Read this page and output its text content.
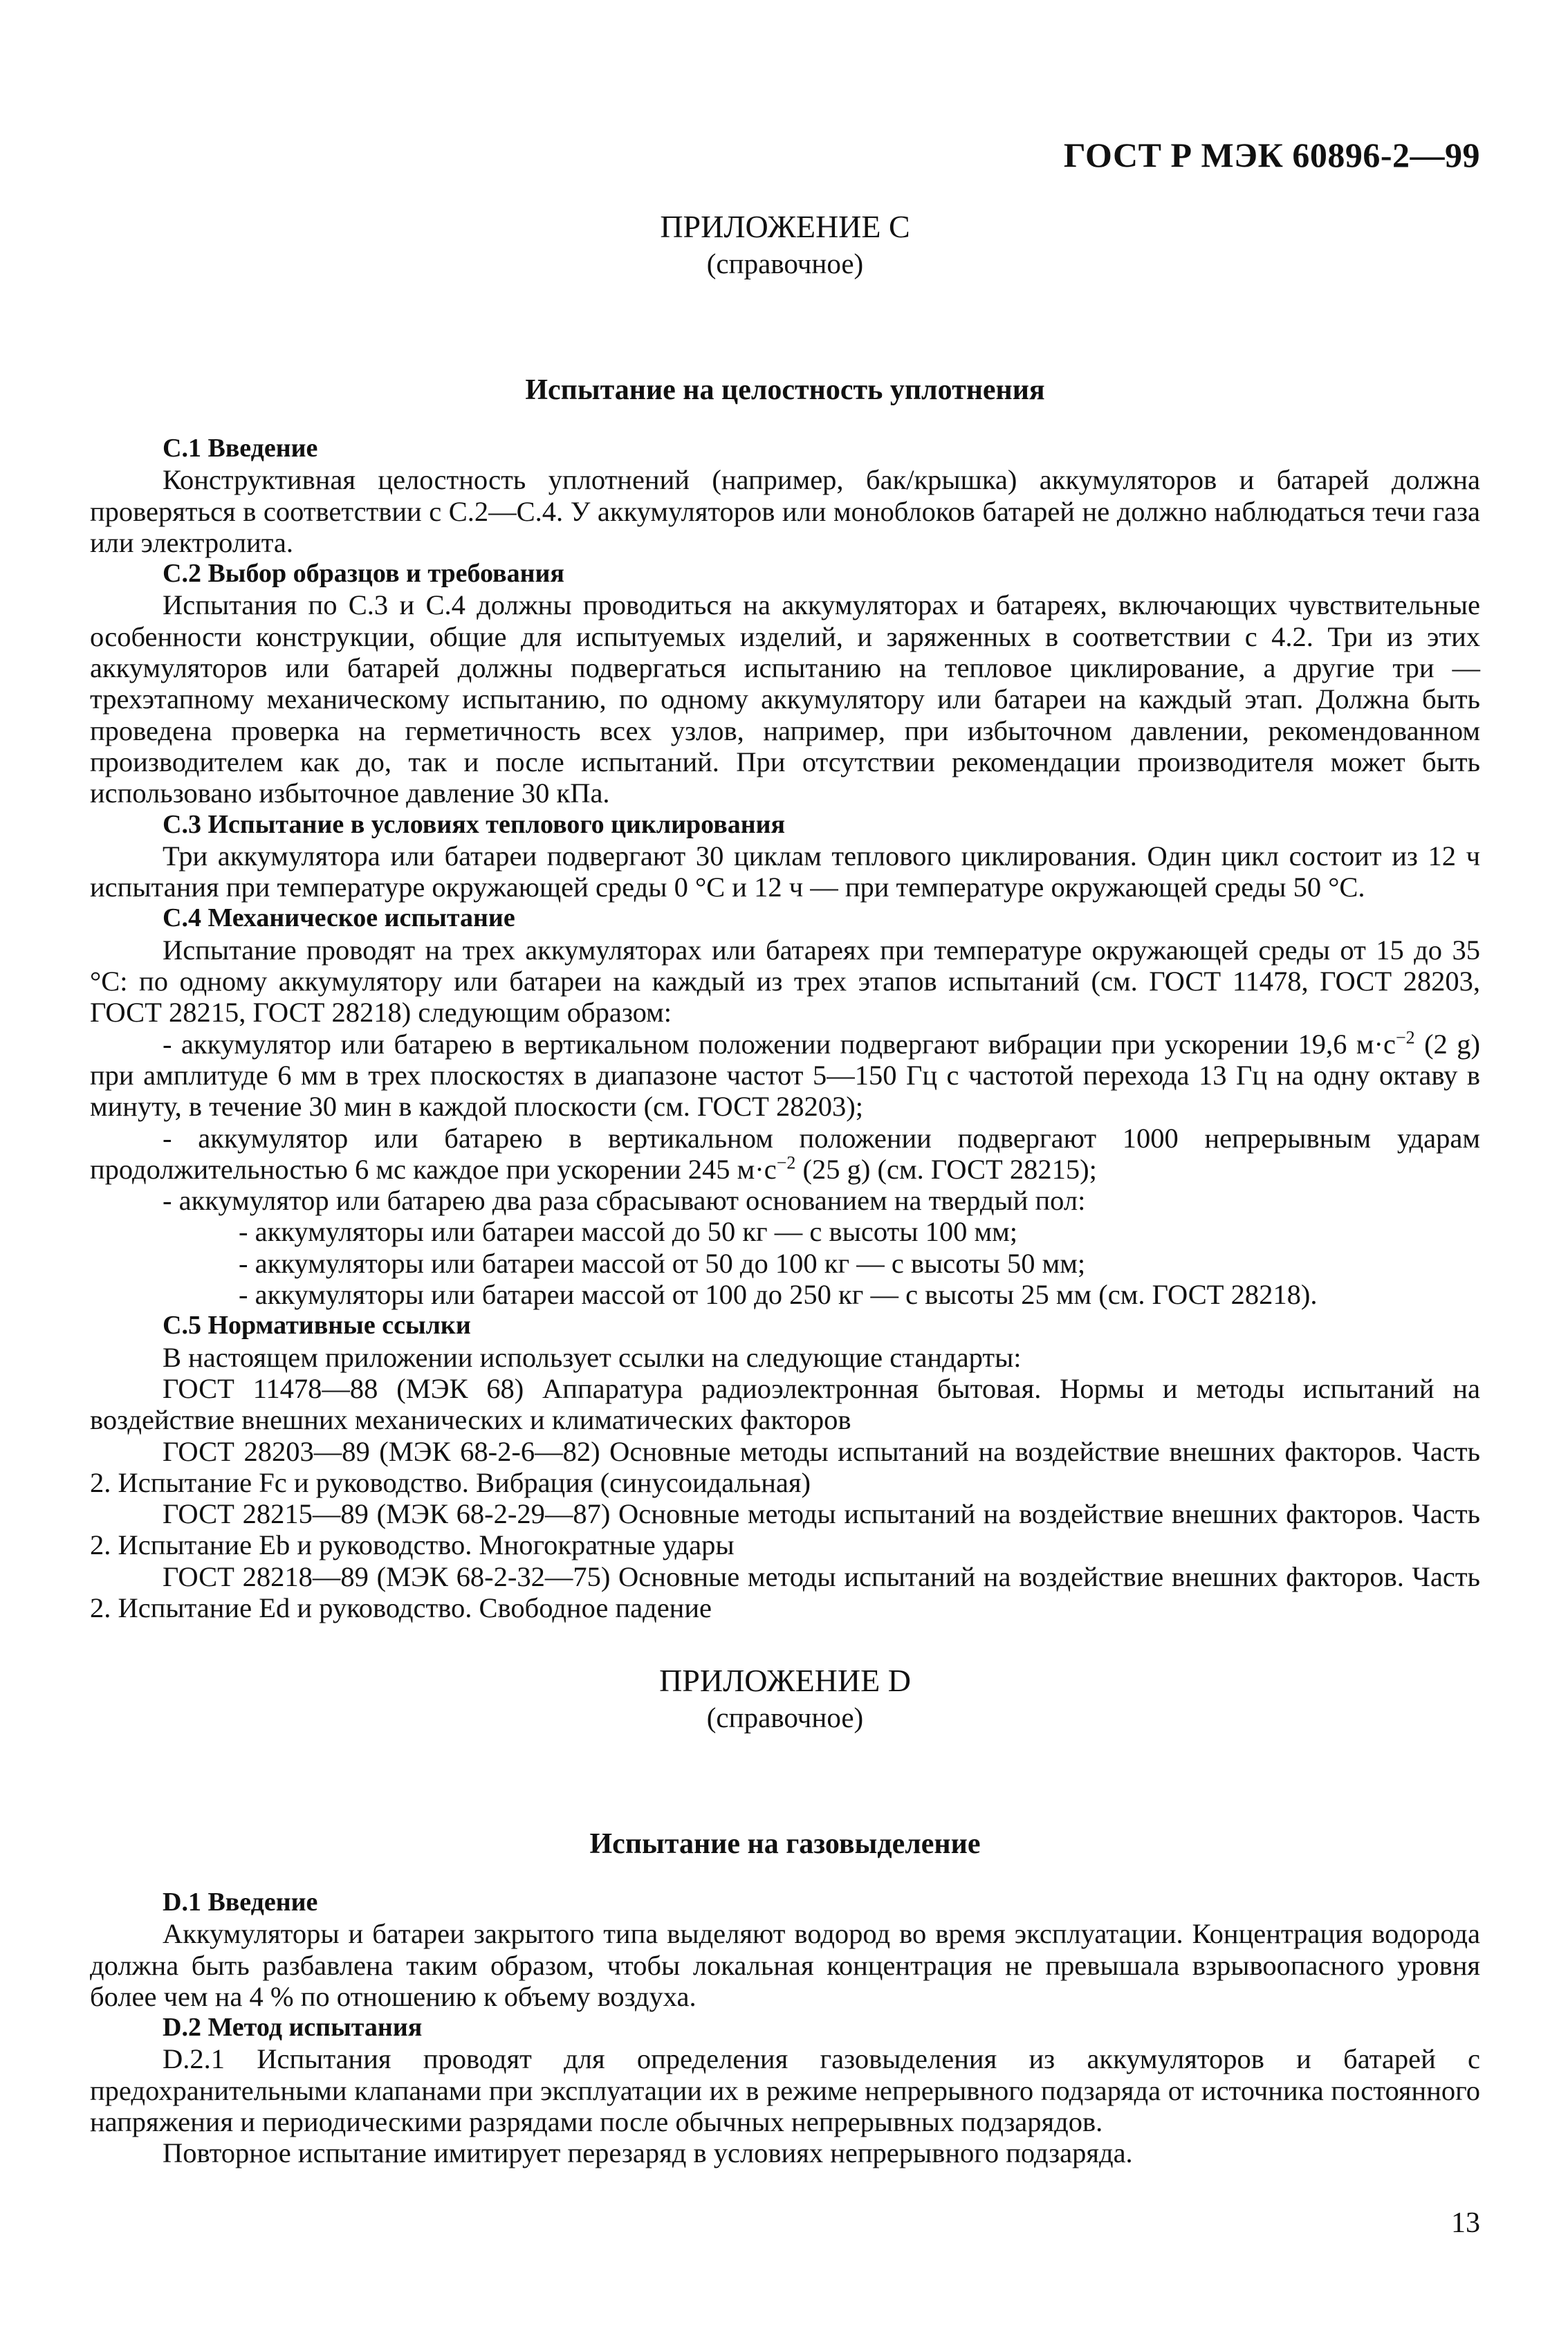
ГОСТ Р МЭК 60896-2—99
ПРИЛОЖЕНИЕ С
(справочное)
Испытание на целостность уплотнения

С.1 Введение

Конструктивная целостность уплотнений (например, бак/крышка) аккумуляторов и батарей должна проверяться в соответствии с С.2—С.4. У аккумуляторов или моноблоков батарей не должно наблюдаться течи газа или электролита.

С.2 Выбор образцов и требования

Испытания по С.3 и С.4 должны проводиться на аккумуляторах и батареях, включающих чувствительные особенности конструкции, общие для испытуемых изделий, и заряженных в соответствии с 4.2. Три из этих аккумуляторов или батарей должны подвергаться испытанию на тепловое циклирование, а другие три — трехэтапному механическому испытанию, по одному аккумулятору или батареи на каждый этап. Должна быть проведена проверка на герметичность всех узлов, например, при избыточном давлении, рекомендованном производителем как до, так и после испытаний. При отсутствии рекомендации производителя может быть использовано избыточное давление 30 кПа.

С.3 Испытание в условиях теплового циклирования

Три аккумулятора или батареи подвергают 30 циклам теплового циклирования. Один цикл состоит из 12 ч испытания при температуре окружающей среды 0 °С и 12 ч — при температуре окружающей среды 50 °С.

С.4 Механическое испытание

Испытание проводят на трех аккумуляторах или батареях при температуре окружающей среды от 15 до 35 °С: по одному аккумулятору или батареи на каждый из трех этапов испытаний (см. ГОСТ 11478, ГОСТ 28203, ГОСТ 28215, ГОСТ 28218) следующим образом:

- аккумулятор или батарею в вертикальном положении подвергают вибрации при ускорении 19,6 $м\cdot с^{-2}$ (2 g) при амплитуде 6 мм в трех плоскостях в диапазоне частот 5—150 Гц с частотой перехода 13 Гц на одну октаву в минуту, в течение 30 мин в каждой плоскости (см. ГОСТ 28203);

- аккумулятор или батарею в вертикальном положении подвергают 1000 непрерывным ударам продолжительностью 6 мс каждое при ускорении 245 $м\cdot с^{-2}$ (25 g) (см. ГОСТ 28215);

- аккумулятор или батарею два раза сбрасывают основанием на твердый пол:

- аккумуляторы или батареи массой до 50 кг — с высоты 100 мм;

- аккумуляторы или батареи массой от 50 до 100 кг — с высоты 50 мм;

- аккумуляторы или батареи массой от 100 до 250 кг — с высоты 25 мм (см. ГОСТ 28218).

С.5 Нормативные ссылки

В настоящем приложении использует ссылки на следующие стандарты:

ГОСТ 11478—88 (МЭК 68) Аппаратура радиоэлектронная бытовая. Нормы и методы испытаний на воздействие внешних механических и климатических факторов

ГОСТ 28203—89 (МЭК 68-2-6—82) Основные методы испытаний на воздействие внешних факторов. Часть 2. Испытание Fc и руководство. Вибрация (синусоидальная)

ГОСТ 28215—89 (МЭК 68-2-29—87) Основные методы испытаний на воздействие внешних факторов. Часть 2. Испытание Eb и руководство. Многократные удары

ГОСТ 28218—89 (МЭК 68-2-32—75) Основные методы испытаний на воздействие внешних факторов. Часть 2. Испытание Ed и руководство. Свободное падение

ПРИЛОЖЕНИЕ D
(справочное)
Испытание на газовыделение

D.1 Введение

Аккумуляторы и батареи закрытого типа выделяют водород во время эксплуатации. Концентрация водорода должна быть разбавлена таким образом, чтобы локальная концентрация не превышала взрывоопасного уровня более чем на 4 % по отношению к объему воздуха.

D.2 Метод испытания

D.2.1 Испытания проводят для определения газовыделения из аккумуляторов и батарей с предохранительными клапанами при эксплуатации их в режиме непрерывного подзаряда от источника постоянного напряжения и периодическими разрядами после обычных непрерывных подзарядов.

Повторное испытание имитирует перезаряд в условиях непрерывного подзаряда.

13
